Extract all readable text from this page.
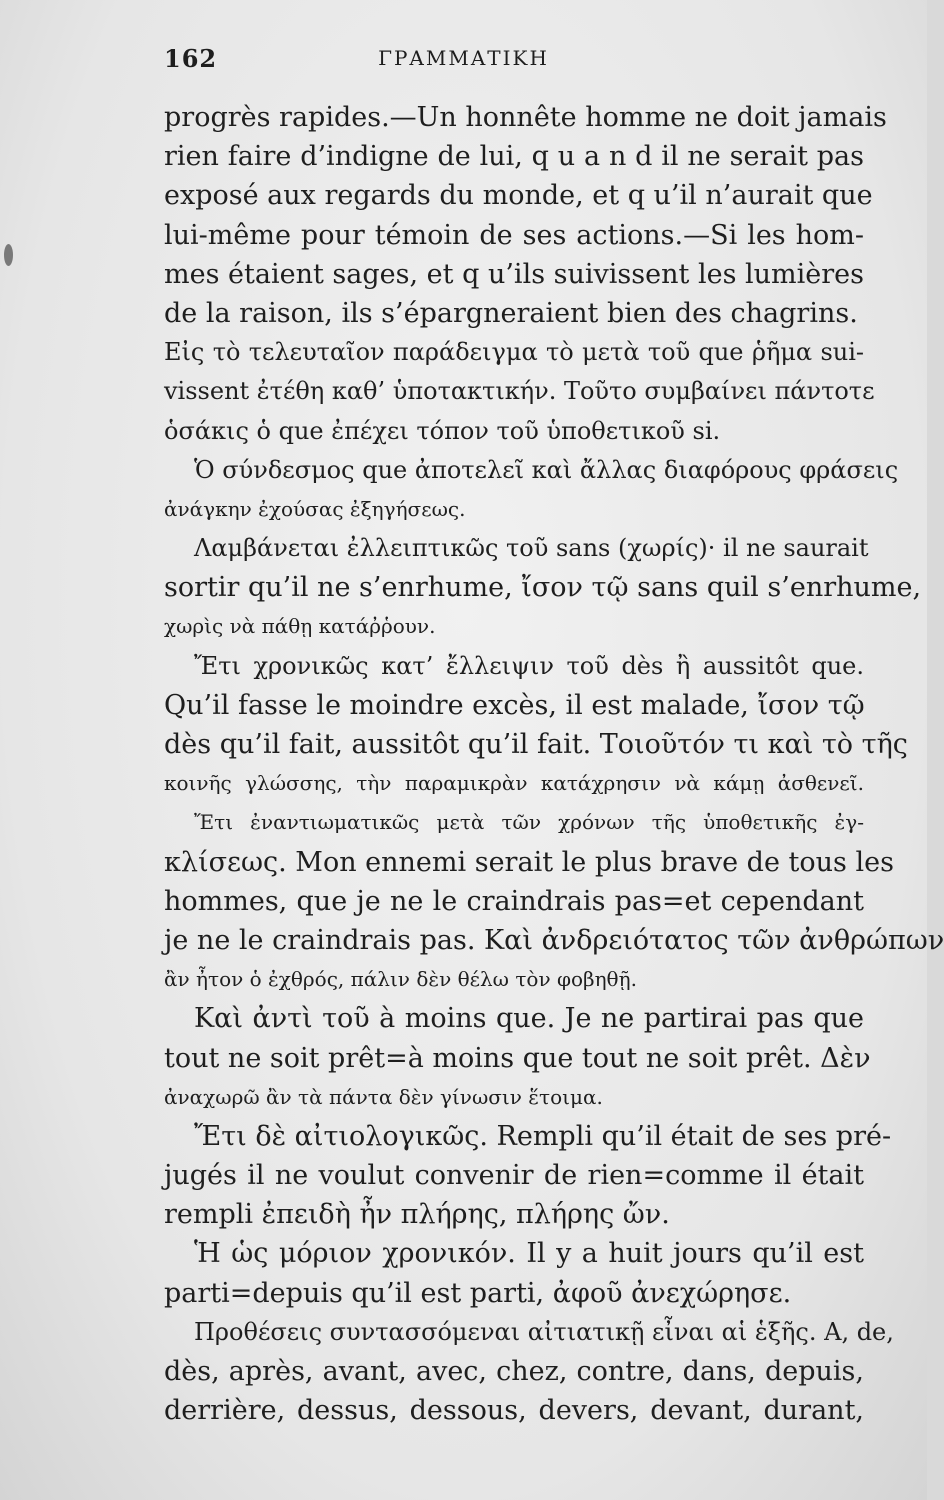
162	ΓΡΑΜΜΑΤΙΚΗ
progrès rapides.—Un honnête homme ne doit jamais
rien faire d’indigne de lui, q u a n d il ne serait pas
exposé aux regards du monde, et q u’il n’aurait que
lui-même pour témoin de ses actions.—Si les hom-
mes étaient sages, et q u’ils suivissent les lumières
de la raison, ils s’épargneraient bien des chagrins.
Εἰς τὸ τελευταῖον παράδειγμα τὸ μετὰ τοῦ que ῥῆμα sui-
vissent ἐτέθη καθ’ ὑποτακτικήν. Τοῦτο συμβαίνει πάντοτε
ὁσάκις ὁ que ἐπέχει τόπον τοῦ ὑποθετικοῦ si.
Ὁ σύνδεσμος que ἀποτελεῖ καὶ ἄλλας διαφόρους φράσεις
ἀνάγκην ἐχούσας ἐξηγήσεως.
Λαμβάνεται ἐλλειπτικῶς τοῦ sans (χωρίς)· il ne saurait
sortir qu’il ne s’enrhume, ἴσον τῷ sans quil s’enrhume,
χωρὶς νὰ πάθῃ κατάῤῥουν.
Ἔτι χρονικῶς κατ’ ἔλλειψιν τοῦ dès ἢ aussitôt que.
Qu’il fasse le moindre excès, il est malade, ἴσον τῷ
dès qu’il fait, aussitôt qu’il fait. Τοιοῦτόν τι καὶ τὸ τῆς
κοινῆς γλώσσης, τὴν παραμικρὰν κατάχρησιν νὰ κάμῃ ἀσθενεῖ.
Ἔτι ἐναντιωματικῶς μετὰ τῶν χρόνων τῆς ὑποθετικῆς ἐγ-
κλίσεως. Mon ennemi serait le plus brave de tous les
hommes, que je ne le craindrais pas=et cependant
je ne le craindrais pas. Καὶ ἀνδρειότατος τῶν ἀνθρώπων
ἂν ἦτον ὁ ἐχθρός, πάλιν δὲν θέλω τὸν φοβηθῇ.
Καὶ ἀντὶ τοῦ à moins que. Je ne partirai pas que
tout ne soit prêt=à moins que tout ne soit prêt. Δὲν
ἀναχωρῶ ἂν τὰ πάντα δὲν γίνωσιν ἕτοιμα.
Ἔτι δὲ αἰτιολογικῶς. Rempli qu’il était de ses pré-
jugés il ne voulut convenir de rien=comme il était
rempli ἐπειδὴ ἦν πλήρης, πλήρης ὤν.
Ἡ ὡς μόριον χρονικόν. Il y a huit jours qu’il est
parti=depuis qu’il est parti, ἀφοῦ ἀνεχώρησε.
Προθέσεις συντασσόμεναι αἰτιατικῇ εἶναι αἱ ἑξῆς. A, de,
dès, après, avant, avec, chez, contre, dans, depuis,
derrière, dessus, dessous, devers, devant, durant,
